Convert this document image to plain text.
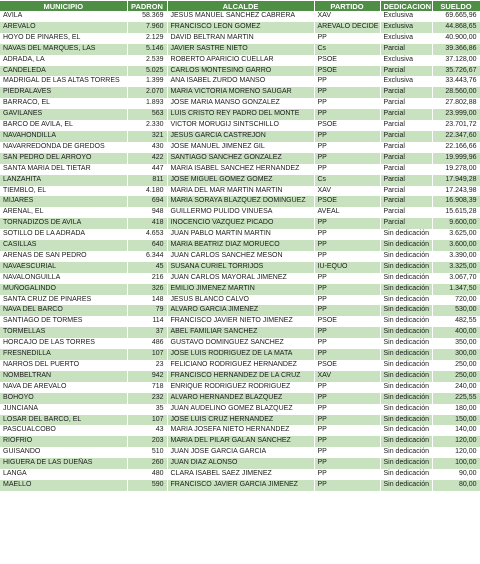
MUNICIPIO	PADRON	ALCALDE	PARTIDO	DEDICACION	SUELDO
AVILA	58.369	JESUS MANUEL SANCHEZ CABRERA	XAV	Exclusiva	69.665,96
AREVALO	7.960	FRANCISCO LEON GOMEZ	AREVALO DECIDE	Exclusiva	44.868,65
HOYO DE PINARES, EL	2.129	DAVID BELTRAN MARTIN	PP	Exclusiva	40.900,00
NAVAS DEL MARQUES, LAS	5.146	JAVIER SASTRE NIETO	Cs	Parcial	39.366,86
ADRADA, LA	2.539	ROBERTO APARICIO CUELLAR	PSOE	Exclusiva	37.128,00
CANDELEDA	5.025	CARLOS MONTESINO GARRO	PSOE	Parcial	35.726,67
MADRIGAL DE LAS ALTAS TORRES	1.399	ANA ISABEL ZURDO MANSO	PP	Exclusiva	33.443,76
PIEDRALAVES	2.070	MARIA VICTORIA MORENO SAUGAR	PP	Parcial	28.560,00
BARRACO, EL	1.893	JOSE MARIA MANSO GONZALEZ	PP	Parcial	27.802,88
GAVILANES	563	LUIS CRISTO REY PADRO DEL MONTE	PP	Parcial	23.999,00
BARCO DE AVILA, EL	2.330	VICTOR MORUGIJ SINTSCHILLO	PSOE	Parcial	23.701,72
NAVAHONDILLA	321	JESUS GARCIA CASTREJON	PP	Parcial	22.347,60
NAVARREDONDA DE GREDOS	430	JOSE MANUEL JIMENEZ GIL	PP	Parcial	22.166,66
SAN PEDRO DEL ARROYO	422	SANTIAGO SANCHEZ GONZALEZ	PP	Parcial	19.999,96
SANTA MARIA DEL TIETAR	447	MARIA ISABEL SANCHEZ HERNANDEZ	PP	Parcial	19.278,00
LANZAHITA	811	JOSE MIGUEL GOMEZ GOMEZ	Cs	Parcial	17.949,28
TIEMBLO, EL	4.180	MARIA DEL MAR MARTIN MARTIN	XAV	Parcial	17.243,98
MIJARES	694	MARIA SORAYA BLAZQUEZ DOMINGUEZ	PSOE	Parcial	16.908,39
ARENAL, EL	948	GUILLERMO PULIDO VINUESA	AVEAL	Parcial	15.615,28
TORNADIZOS DE AVILA	418	INOCENCIO VAZQUEZ PICADO	PP	Parcial	9.600,00
SOTILLO DE LA ADRADA	4.653	JUAN PABLO MARTIN MARTIN	PP	Sin dedicación	3.625,00
CASILLAS	640	MARIA BEATRIZ DIAZ MORUECO	PP	Sin dedicación	3.600,00
ARENAS DE SAN PEDRO	6.344	JUAN CARLOS SANCHEZ MESON	PP	Sin dedicación	3.390,00
NAVAESCURIAL	45	SUSANA CURIEL TORRIJOS	IU-EQUO	Sin dedicación	3.325,00
NAVALONGUILLA	216	JUAN CARLOS MAYORAL JIMENEZ	PP	Sin dedicación	3.067,70
MUÑOGALINDO	326	EMILIO JIMENEZ MARTIN	PP	Sin dedicación	1.347,50
SANTA CRUZ DE PINARES	148	JESUS BLANCO CALVO	PP	Sin dedicación	720,00
NAVA DEL BARCO	79	ALVARO GARCIA JIMENEZ	PP	Sin dedicación	530,00
SANTIAGO DE TORMES	114	FRANCISCO JAVIER NIETO JIMENEZ	PSOE	Sin dedicación	482,55
TORMELLAS	37	ABEL FAMILIAR SANCHEZ	PP	Sin dedicación	400,00
HORCAJO DE LAS TORRES	486	GUSTAVO DOMINGUEZ SANCHEZ	PP	Sin dedicación	350,00
FRESNEDILLA	107	JOSE LUIS RODRIGUEZ DE LA MATA	PP	Sin dedicación	300,00
NARROS DEL PUERTO	23	FELICIANO RODRIGUEZ HERNANDEZ	PSOE	Sin dedicación	250,00
NOMBELTRAN	942	FRANCISCO HERNANDEZ DE LA CRUZ	XAV	Sin dedicación	250,00
NAVA DE AREVALO	718	ENRIQUE RODRIGUEZ RODRIGUEZ	PP	Sin dedicación	240,00
BOHOYO	232	ALVARO HERNANDEZ BLAZQUEZ	PP	Sin dedicación	225,55
JUNCIANA	35	JUAN AUDELINO GOMEZ BLAZQUEZ	PP	Sin dedicación	180,00
LOSAR DEL BARCO, EL	107	JOSE LUIS CRUZ HERNANDEZ	PP	Sin dedicación	150,00
PASCUALCOBO	43	MARIA JOSEFA NIETO HERNANDEZ	PP	Sin dedicación	140,00
RIOFRIO	203	MARIA DEL PILAR GALAN SANCHEZ	PP	Sin dedicación	120,00
GUISANDO	510	JUAN JOSE GARCIA GARCIA	PP	Sin dedicación	120,00
HIGUERA DE LAS DUEÑAS	260	JUAN DIAZ ALONSO	PP	Sin dedicación	100,00
LANGA	480	CLARA ISABEL SAEZ JIMENEZ	PP	Sin dedicación	90,00
MAELLO	590	FRANCISCO JAVIER GARCIA JIMENEZ	PP	Sin dedicación	80,00
